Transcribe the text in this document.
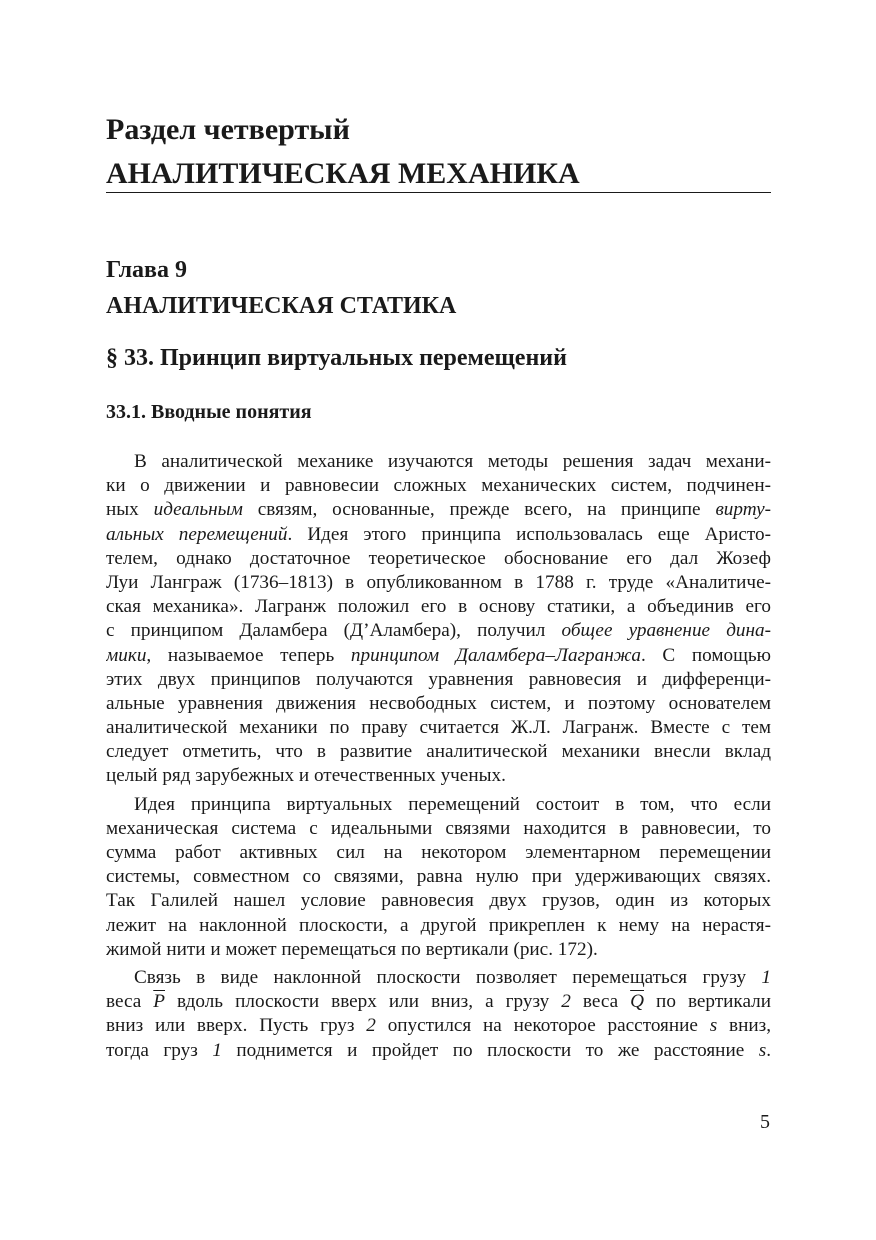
Раздел четвертый
АНАЛИТИЧЕСКАЯ МЕХАНИКА
Глава 9
АНАЛИТИЧЕСКАЯ СТАТИКА
§ 33. Принцип виртуальных перемещений
33.1. Вводные понятия
В аналитической механике изучаются методы решения задач механи-
ки о движении и равновесии сложных механических систем, подчинен-
ных идеальным связям, основанные, прежде всего, на принципе вирту-
альных перемещений. Идея этого принципа использовалась еще Аристо-
телем, однако достаточное теоретическое обоснование его дал Жозеф
Луи Ланграж (1736–1813) в опубликованном в 1788 г. труде «Аналитиче-
ская механика». Лагранж положил его в основу статики, а объединив его
с принципом Даламбера (Д’Аламбера), получил общее уравнение дина-
мики, называемое теперь принципом Даламбера–Лагранжа. С помощью
этих двух принципов получаются уравнения равновесия и дифференци-
альные уравнения движения несвободных систем, и поэтому основателем
аналитической механики по праву считается Ж.Л. Лагранж. Вместе с тем
следует отметить, что в развитие аналитической механики внесли вклад
целый ряд зарубежных и отечественных ученых.
Идея принципа виртуальных перемещений состоит в том, что если
механическая система с идеальными связями находится в равновесии, то
сумма работ активных сил на некотором элементарном перемещении
системы, совместном со связями, равна нулю при удерживающих связях.
Так Галилей нашел условие равновесия двух грузов, один из которых
лежит на наклонной плоскости, а другой прикреплен к нему на нерастя-
жимой нити и может перемещаться по вертикали (рис. 172).
Связь в виде наклонной плоскости позволяет перемещаться грузу 1
веса $\overline{P}$ вдоль плоскости вверх или вниз, а грузу 2 веса $\overline{Q}$ по вертикали
вниз или вверх. Пусть груз 2 опустился на некоторое расстояние s вниз,
тогда груз 1 поднимется и пройдет по плоскости то же расстояние s.
5
